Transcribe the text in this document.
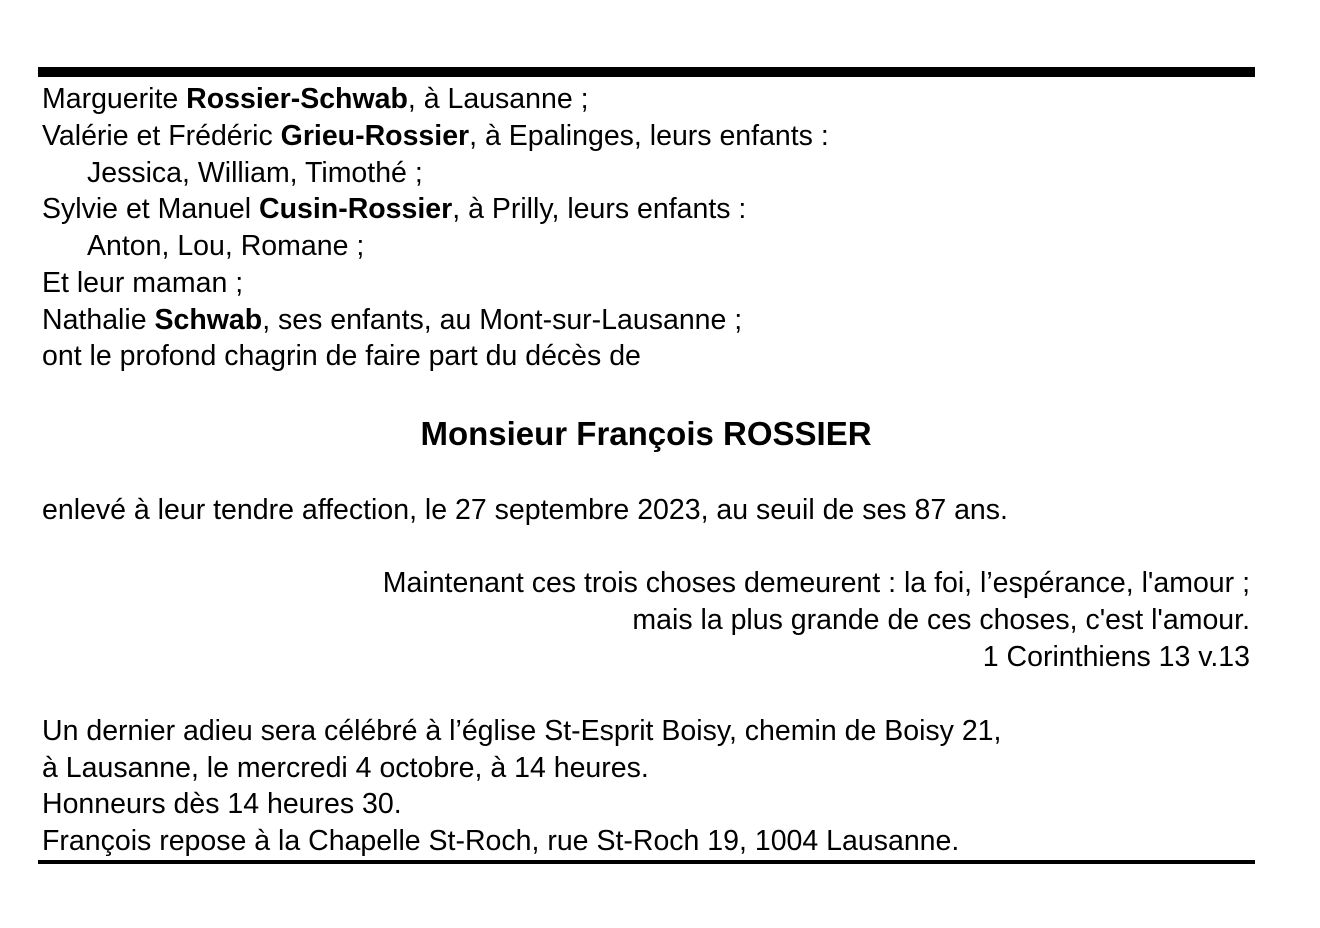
Marguerite Rossier-Schwab, à Lausanne ;
Valérie et Frédéric Grieu-Rossier, à Epalinges, leurs enfants :
Jessica, William, Timothé ;
Sylvie et Manuel Cusin-Rossier, à Prilly, leurs enfants :
Anton, Lou, Romane ;
Et leur maman ;
Nathalie Schwab, ses enfants, au Mont-sur-Lausanne ;
ont le profond chagrin de faire part du décès de
Monsieur François ROSSIER
enlevé à leur tendre affection, le 27 septembre 2023, au seuil de ses 87 ans.
Maintenant ces trois choses demeurent : la foi, l’espérance, l'amour ;
mais la plus grande de ces choses, c'est l'amour.
1 Corinthiens 13 v.13
Un dernier adieu sera célébré à l’église St-Esprit Boisy, chemin de Boisy 21,
à Lausanne, le mercredi 4 octobre, à 14 heures.
Honneurs dès 14 heures 30.
François repose à la Chapelle St-Roch, rue St-Roch 19, 1004 Lausanne.
